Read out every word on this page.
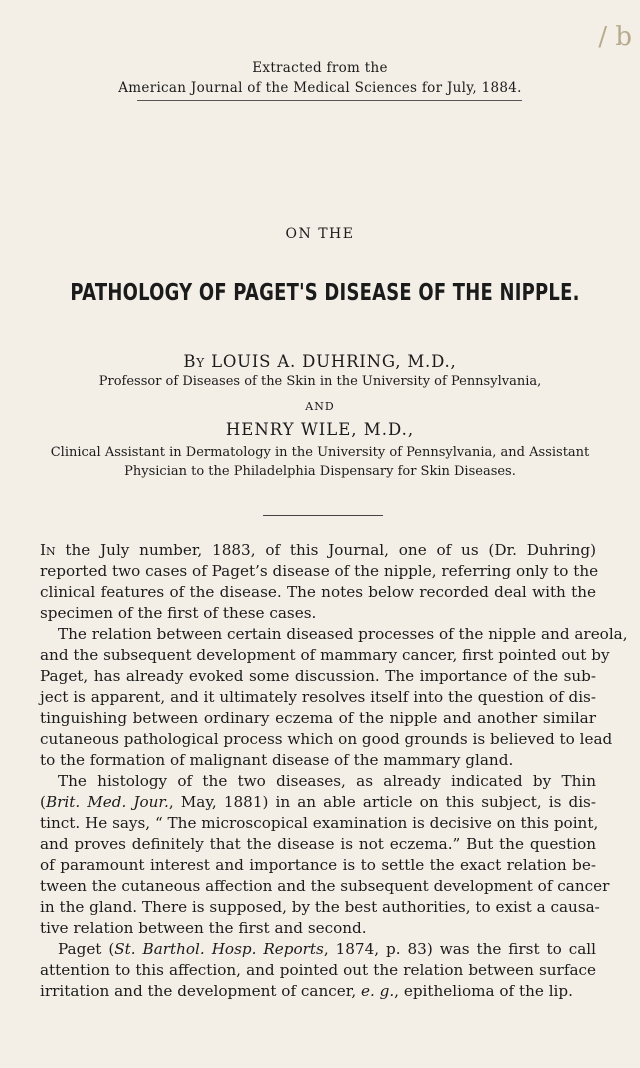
/ b
Extracted from the
American Journal of the Medical Sciences for July, 1884.
ON THE
PATHOLOGY OF PAGET'S DISEASE OF THE NIPPLE.
By LOUIS A. DUHRING, M.D.,
Professor of Diseases of the Skin in the University of Pennsylvania,
AND
HENRY WILE, M.D.,
Clinical Assistant in Dermatology in the University of Pennsylvania, and Assistant
Physician to the Philadelphia Dispensary for Skin Diseases.
In the July number, 1883, of this Journal, one of us (Dr. Duhring)
reported two cases of Paget’s disease of the nipple, referring only to the
clinical features of the disease. The notes below recorded deal with the
specimen of the first of these cases.
The relation between certain diseased processes of the nipple and areola,
and the subsequent development of mammary cancer, first pointed out by
Paget, has already evoked some discussion. The importance of the sub-
ject is apparent, and it ultimately resolves itself into the question of dis-
tinguishing between ordinary eczema of the nipple and another similar
cutaneous pathological process which on good grounds is believed to lead
to the formation of malignant disease of the mammary gland.
The histology of the two diseases, as already indicated by Thin
(Brit. Med. Jour., May, 1881) in an able article on this subject, is dis-
tinct. He says, “ The microscopical examination is decisive on this point,
and proves definitely that the disease is not eczema.” But the question
of paramount interest and importance is to settle the exact relation be-
tween the cutaneous affection and the subsequent development of cancer
in the gland. There is supposed, by the best authorities, to exist a causa-
tive relation between the first and second.
Paget (St. Barthol. Hosp. Reports, 1874, p. 83) was the first to call
attention to this affection, and pointed out the relation between surface
irritation and the development of cancer, e. g., epithelioma of the lip.
